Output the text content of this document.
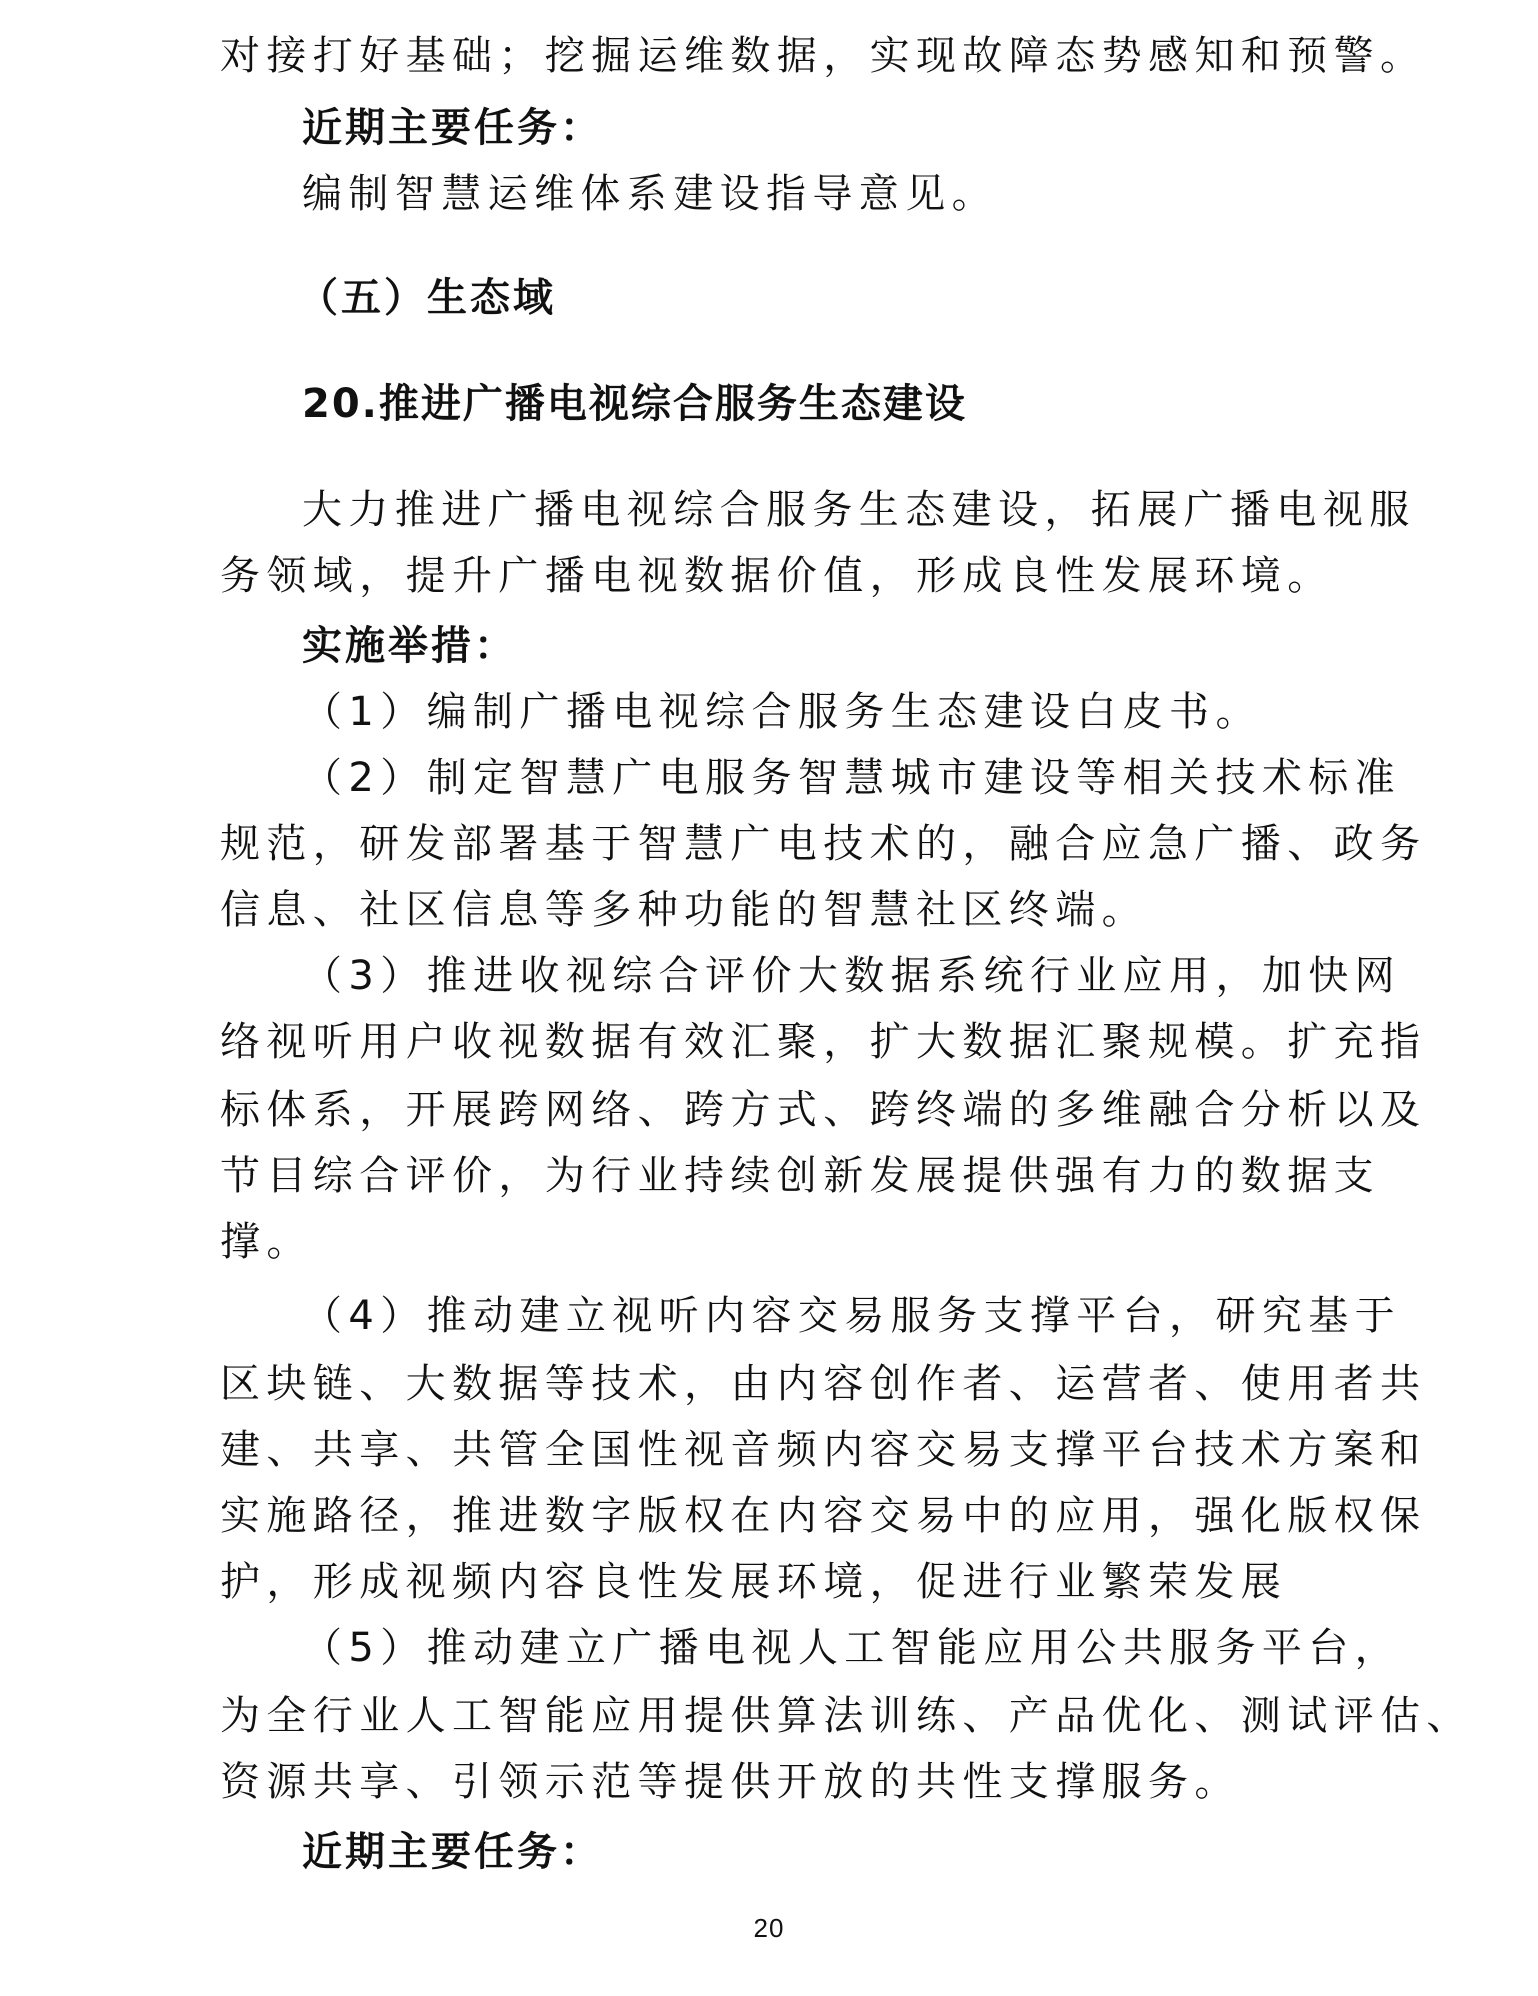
对接打好基础；挖掘运维数据，实现故障态势感知和预警。
近期主要任务：
编制智慧运维体系建设指导意见。
（五）生态域
20.推进广播电视综合服务生态建设
大力推进广播电视综合服务生态建设，拓展广播电视服
务领域，提升广播电视数据价值，形成良性发展环境。
实施举措：
（1）编制广播电视综合服务生态建设白皮书。
（2）制定智慧广电服务智慧城市建设等相关技术标准
规范，研发部署基于智慧广电技术的，融合应急广播、政务
信息、社区信息等多种功能的智慧社区终端。
（3）推进收视综合评价大数据系统行业应用，加快网
络视听用户收视数据有效汇聚，扩大数据汇聚规模。扩充指
标体系，开展跨网络、跨方式、跨终端的多维融合分析以及
节目综合评价，为行业持续创新发展提供强有力的数据支
撑。
（4）推动建立视听内容交易服务支撑平台，研究基于
区块链、大数据等技术，由内容创作者、运营者、使用者共
建、共享、共管全国性视音频内容交易支撑平台技术方案和
实施路径，推进数字版权在内容交易中的应用，强化版权保
护，形成视频内容良性发展环境，促进行业繁荣发展
（5）推动建立广播电视人工智能应用公共服务平台，
为全行业人工智能应用提供算法训练、产品优化、测试评估、
资源共享、引领示范等提供开放的共性支撑服务。
近期主要任务：
20
